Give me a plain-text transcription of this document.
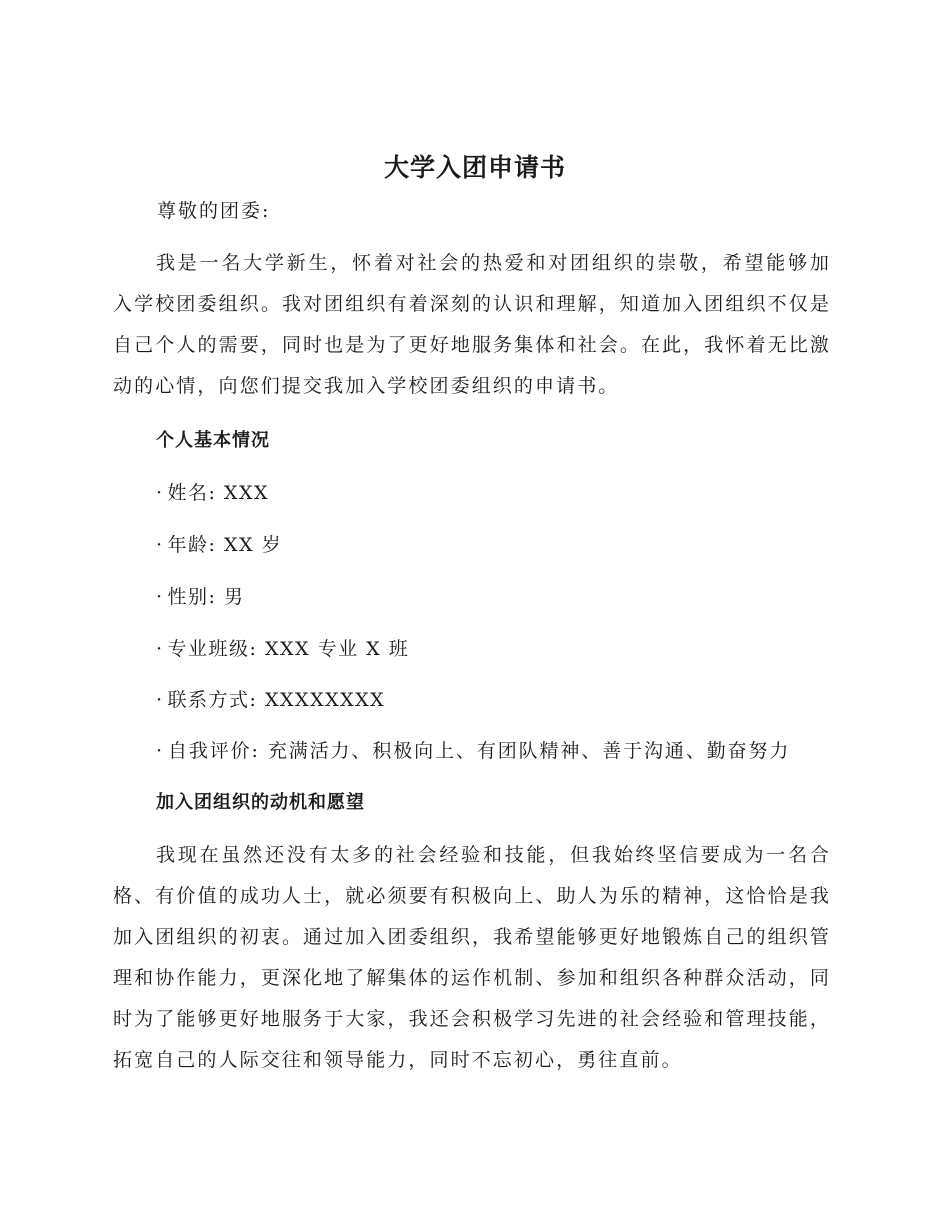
大学入团申请书
尊敬的团委:
我是一名大学新生，怀着对社会的热爱和对团组织的崇敬，希望能够加入学校团委组织。我对团组织有着深刻的认识和理解，知道加入团组织不仅是自己个人的需要，同时也是为了更好地服务集体和社会。在此，我怀着无比激动的心情，向您们提交我加入学校团委组织的申请书。
个人基本情况
· 姓名: XXX
· 年龄: XX 岁
· 性别: 男
· 专业班级: XXX 专业 X 班
· 联系方式: XXXXXXXX
· 自我评价: 充满活力、积极向上、有团队精神、善于沟通、勤奋努力
加入团组织的动机和愿望
我现在虽然还没有太多的社会经验和技能，但我始终坚信要成为一名合格、有价值的成功人士，就必须要有积极向上、助人为乐的精神，这恰恰是我加入团组织的初衷。通过加入团委组织，我希望能够更好地锻炼自己的组织管理和协作能力，更深化地了解集体的运作机制、参加和组织各种群众活动，同时为了能够更好地服务于大家，我还会积极学习先进的社会经验和管理技能，拓宽自己的人际交往和领导能力，同时不忘初心，勇往直前。
